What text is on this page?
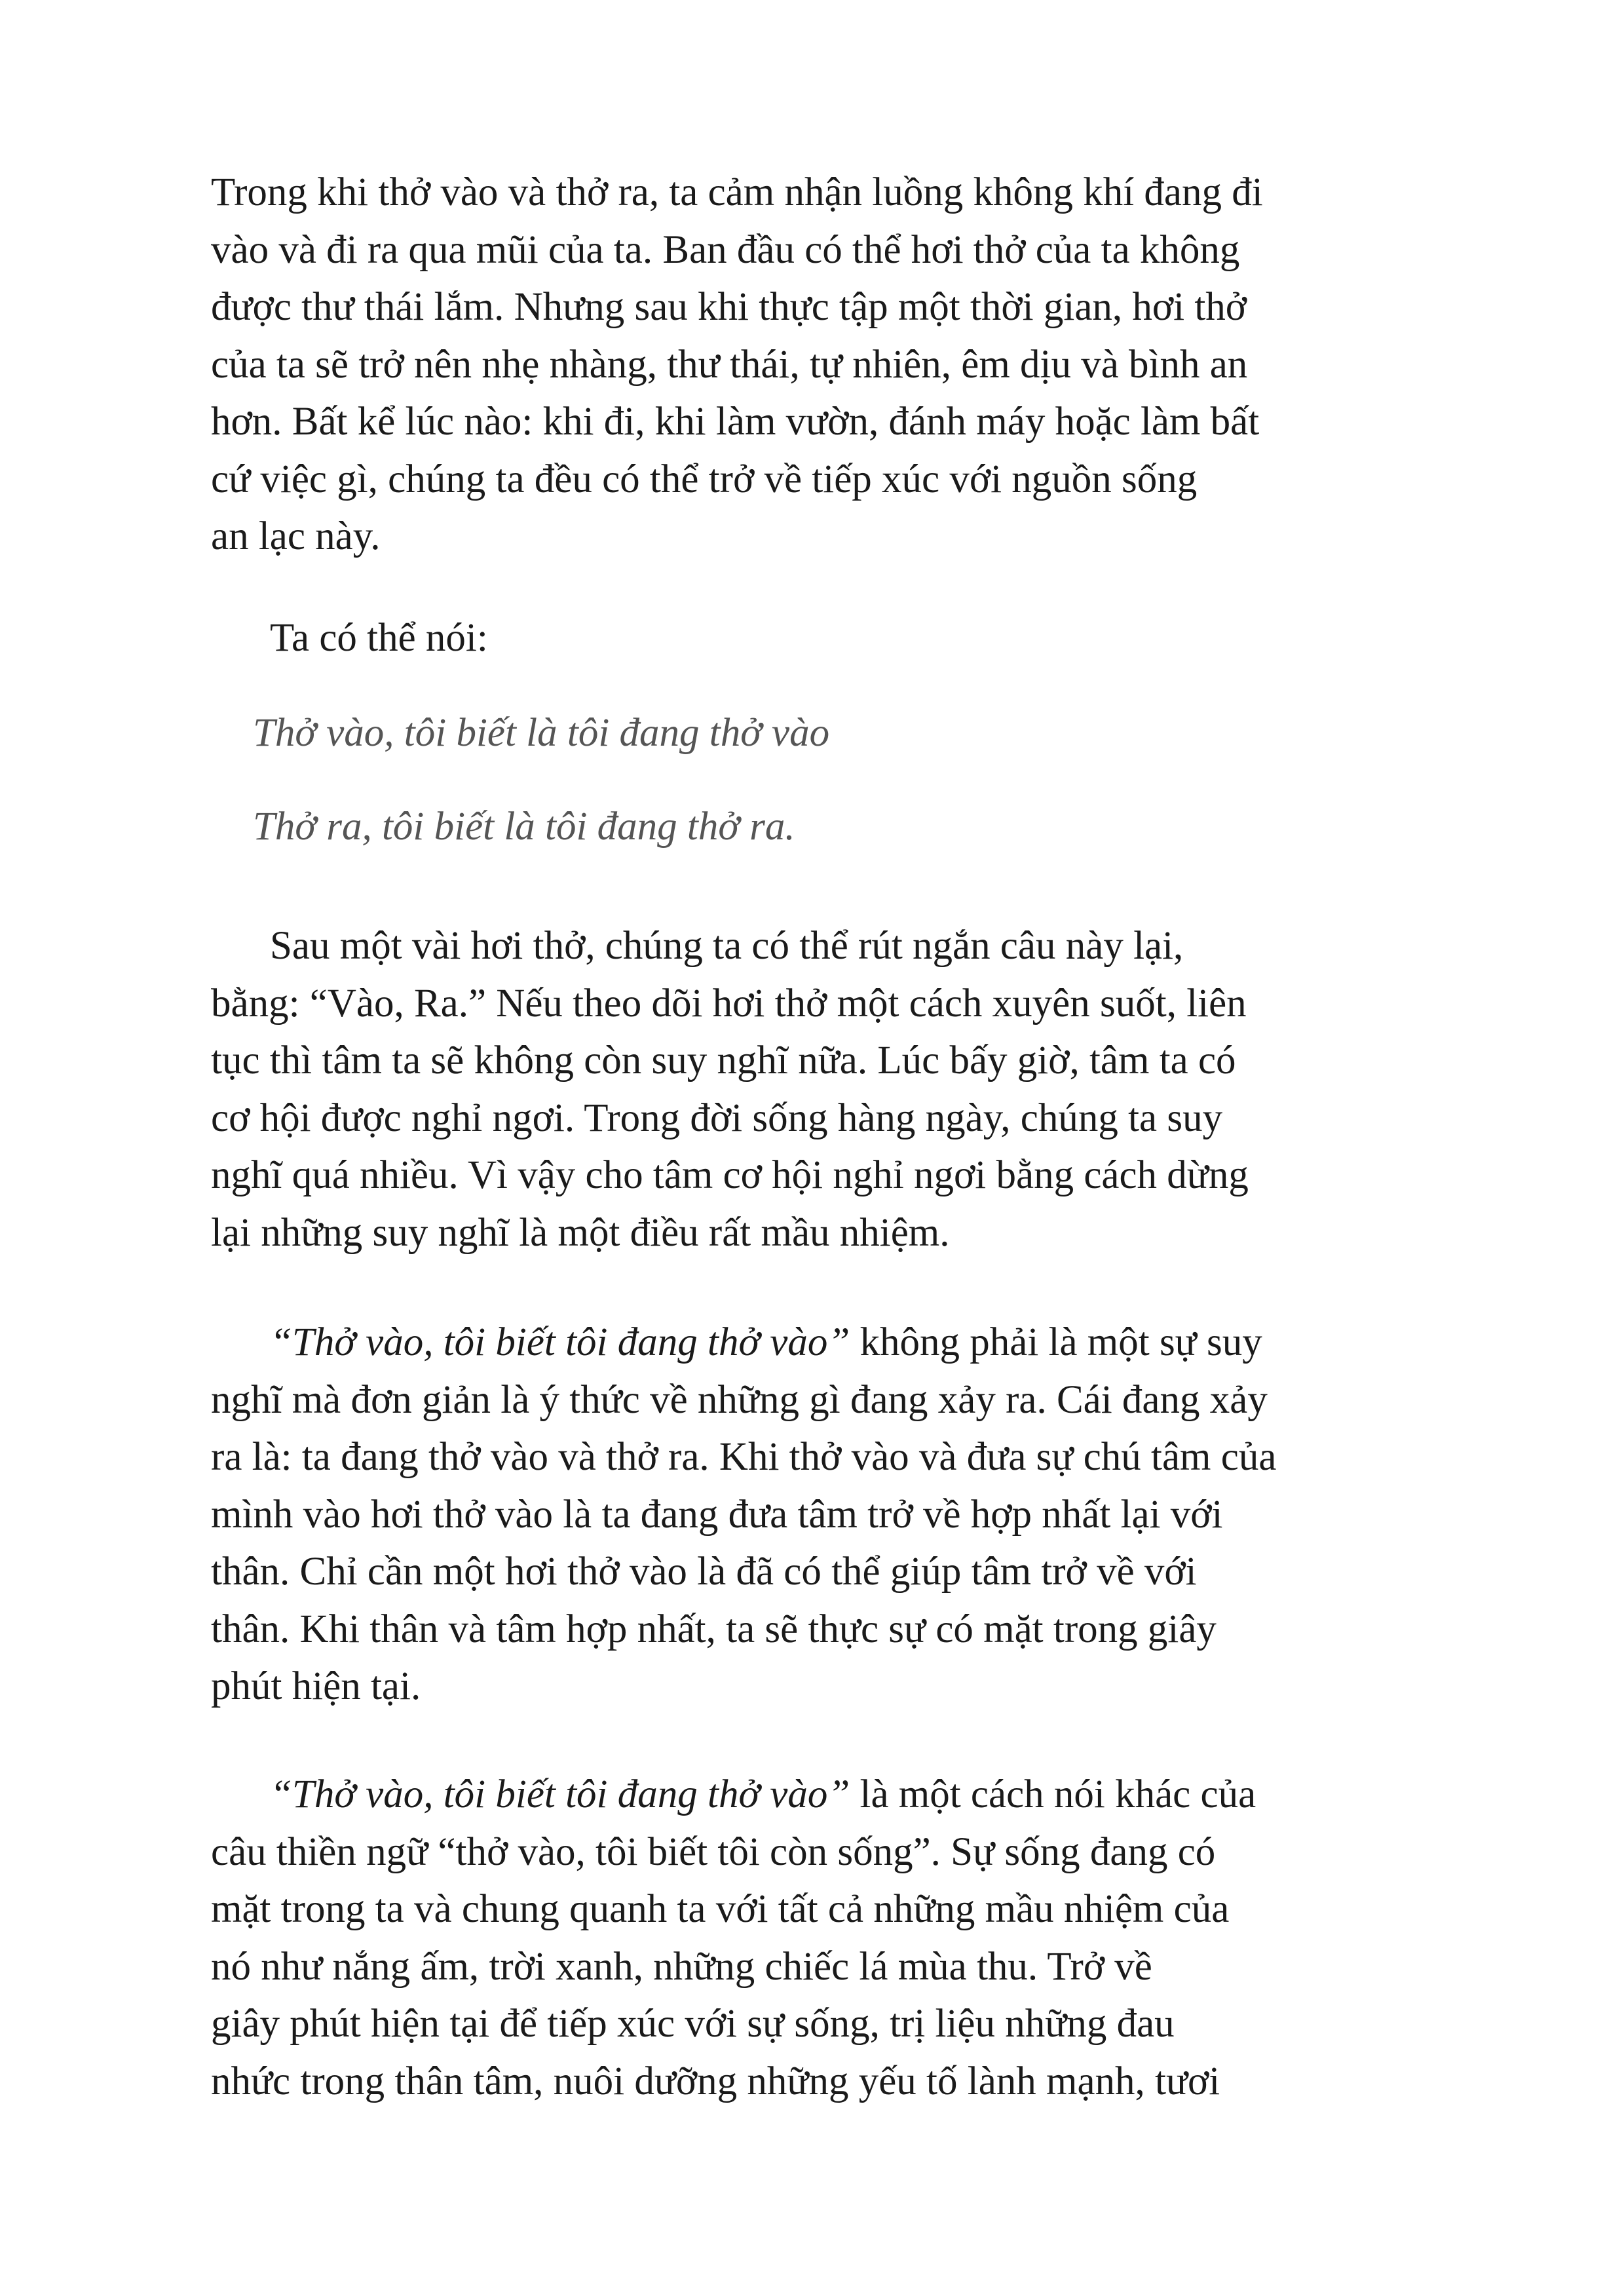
Trong khi thở vào và thở ra, ta cảm nhận luồng không khí đang đi
vào và đi ra qua mũi của ta. Ban đầu có thể hơi thở của ta không
được thư thái lắm. Nhưng sau khi thực tập một thời gian, hơi thở
của ta sẽ trở nên nhẹ nhàng, thư thái, tự nhiên, êm dịu và bình an
hơn. Bất kể lúc nào: khi đi, khi làm vườn, đánh máy hoặc làm bất
cứ việc gì, chúng ta đều có thể trở về tiếp xúc với nguồn sống
an lạc này.
Ta có thể nói:
Thở vào, tôi biết là tôi đang thở vào
Thở ra, tôi biết là tôi đang thở ra.
Sau một vài hơi thở, chúng ta có thể rút ngắn câu này lại,
bằng: “Vào, Ra.” Nếu theo dõi hơi thở một cách xuyên suốt, liên
tục thì tâm ta sẽ không còn suy nghĩ nữa. Lúc bấy giờ, tâm ta có
cơ hội được nghỉ ngơi. Trong đời sống hàng ngày, chúng ta suy
nghĩ quá nhiều. Vì vậy cho tâm cơ hội nghỉ ngơi bằng cách dừng
lại những suy nghĩ là một điều rất mầu nhiệm.
“Thở vào, tôi biết tôi đang thở vào” không phải là một sự suy
nghĩ mà đơn giản là ý thức về những gì đang xảy ra. Cái đang xảy
ra là: ta đang thở vào và thở ra. Khi thở vào và đưa sự chú tâm của
mình vào hơi thở vào là ta đang đưa tâm trở về hợp nhất lại với
thân. Chỉ cần một hơi thở vào là đã có thể giúp tâm trở về với
thân. Khi thân và tâm hợp nhất, ta sẽ thực sự có mặt trong giây
phút hiện tại.
“Thở vào, tôi biết tôi đang thở vào” là một cách nói khác của
câu thiền ngữ “thở vào, tôi biết tôi còn sống”. Sự sống đang có
mặt trong ta và chung quanh ta với tất cả những mầu nhiệm của
nó như nắng ấm, trời xanh, những chiếc lá mùa thu. Trở về
giây phút hiện tại để tiếp xúc với sự sống, trị liệu những đau
nhức trong thân tâm, nuôi dưỡng những yếu tố lành mạnh, tươi
